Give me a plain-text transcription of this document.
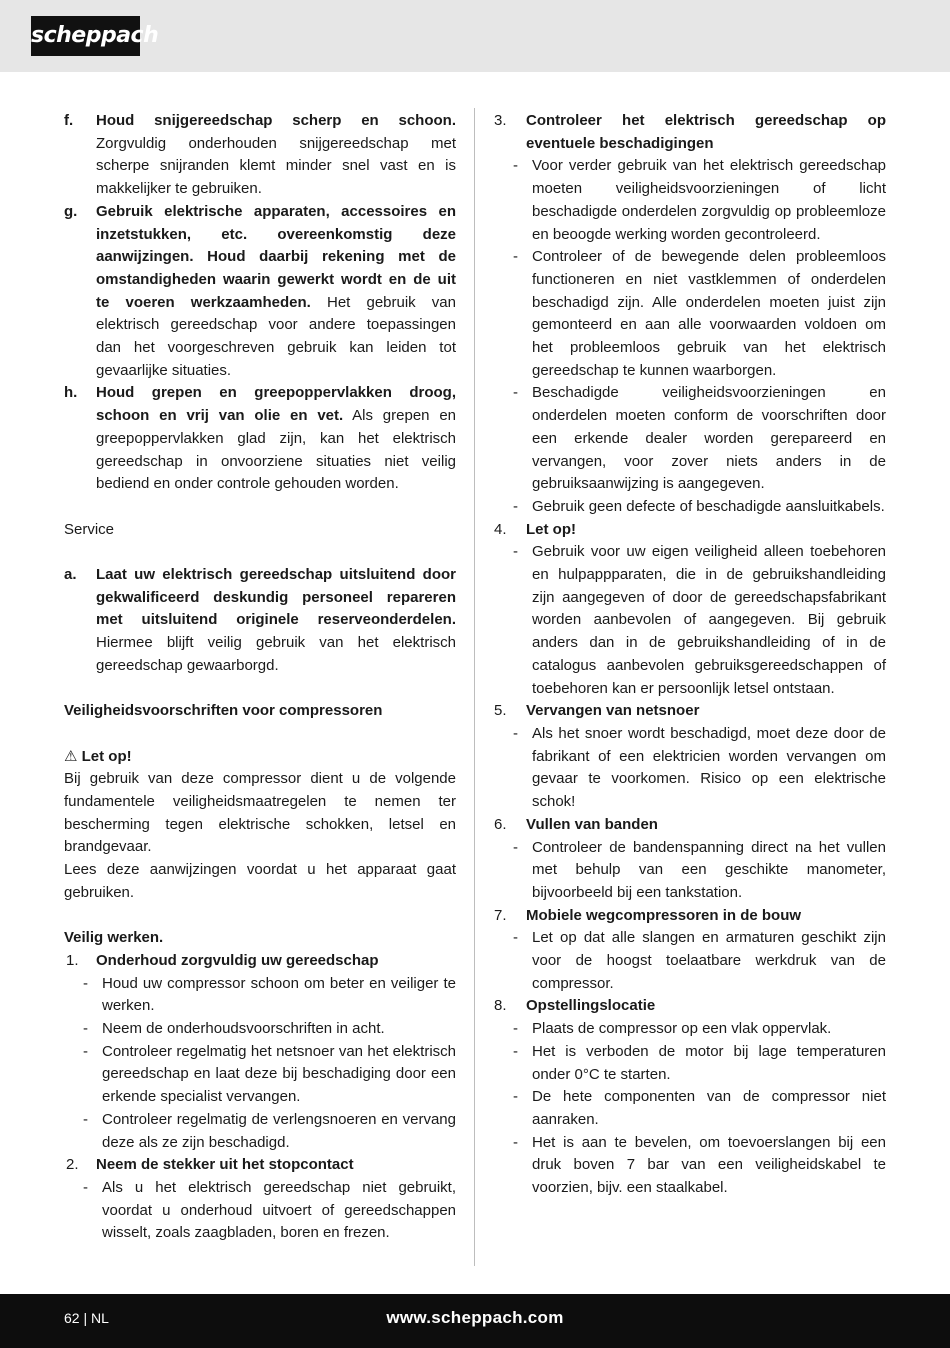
scheppach
f.	Houd snijgereedschap scherp en schoon. Zorgvuldig onderhouden snijgereedschap met scherpe snijranden klemt minder snel vast en is makkelijker te gebruiken.
g.	Gebruik elektrische apparaten, accessoires en inzetstukken, etc. overeenkomstig deze aanwijzingen. Houd daarbij rekening met de omstandigheden waarin gewerkt wordt en de uit te voeren werkzaamheden. Het gebruik van elektrisch gereedschap voor andere toepassingen dan het voorgeschreven gebruik kan leiden tot gevaarlijke situaties.
h.	Houd grepen en greepoppervlakken droog, schoon en vrij van olie en vet. Als grepen en greepoppervlakken glad zijn, kan het elektrisch gereedschap in onvoorziene situaties niet veilig bediend en onder controle gehouden worden.
Service
a.	Laat uw elektrisch gereedschap uitsluitend door gekwalificeerd deskundig personeel repareren met uitsluitend originele reserveonderdelen. Hiermee blijft veilig gebruik van het elektrisch gereedschap gewaarborgd.
Veiligheidsvoorschriften voor compressoren
⚠ Let op!
Bij gebruik van deze compressor dient u de volgende fundamentele veiligheidsmaatregelen te nemen ter bescherming tegen elektrische schokken, letsel en brandgevaar.
Lees deze aanwijzingen voordat u het apparaat gaat gebruiken.
Veilig werken.
1.	Onderhoud zorgvuldig uw gereedschap
- Houd uw compressor schoon om beter en veiliger te werken.
- Neem de onderhoudsvoorschriften in acht.
- Controleer regelmatig het netsnoer van het elektrisch gereedschap en laat deze bij beschadiging door een erkende specialist vervangen.
- Controleer regelmatig de verlengsnoeren en vervang deze als ze zijn beschadigd.
2.	Neem de stekker uit het stopcontact
- Als u het elektrisch gereedschap niet gebruikt, voordat u onderhoud uitvoert of gereedschappen wisselt, zoals zaagbladen, boren en frezen.
3.	Controleer het elektrisch gereedschap op eventuele beschadigingen
- Voor verder gebruik van het elektrisch gereedschap moeten veiligheidsvoorzieningen of licht beschadigde onderdelen zorgvuldig op probleemloze en beoogde werking worden gecontroleerd.
- Controleer of de bewegende delen probleemloos functioneren en niet vastklemmen of onderdelen beschadigd zijn. Alle onderdelen moeten juist zijn gemonteerd en aan alle voorwaarden voldoen om het probleemloos gebruik van het elektrisch gereedschap te kunnen waarborgen.
- Beschadigde veiligheidsvoorzieningen en onderdelen moeten conform de voorschriften door een erkende dealer worden gerepareerd en vervangen, voor zover niets anders in de gebruiksaanwijzing is aangegeven.
- Gebruik geen defecte of beschadigde aansluitkabels.
4.	Let op!
- Gebruik voor uw eigen veiligheid alleen toebehoren en hulpappparaten, die in de gebruikshandleiding zijn aangegeven of door de gereedschapsfabrikant worden aanbevolen of aangegeven. Bij gebruik anders dan in de gebruikshandleiding of in de catalogus aanbevolen gebruiksgereedschappen of toebehoren kan er persoonlijk letsel ontstaan.
5.	Vervangen van netsnoer
- Als het snoer wordt beschadigd, moet deze door de fabrikant of een elektricien worden vervangen om gevaar te voorkomen. Risico op een elektrische schok!
6.	Vullen van banden
- Controleer de bandenspanning direct na het vullen met behulp van een geschikte manometer, bijvoorbeeld bij een tankstation.
7.	Mobiele wegcompressoren in de bouw
- Let op dat alle slangen en armaturen geschikt zijn voor de hoogst toelaatbare werkdruk van de compressor.
8.	Opstellingslocatie
- Plaats de compressor op een vlak oppervlak.
- Het is verboden de motor bij lage temperaturen onder 0°C te starten.
- De hete componenten van de compressor niet aanraken.
- Het is aan te bevelen, om toevoerslangen bij een druk boven 7 bar van een veiligheidskabel te voorzien, bijv. een staalkabel.
62 | NL	www.scheppach.com
